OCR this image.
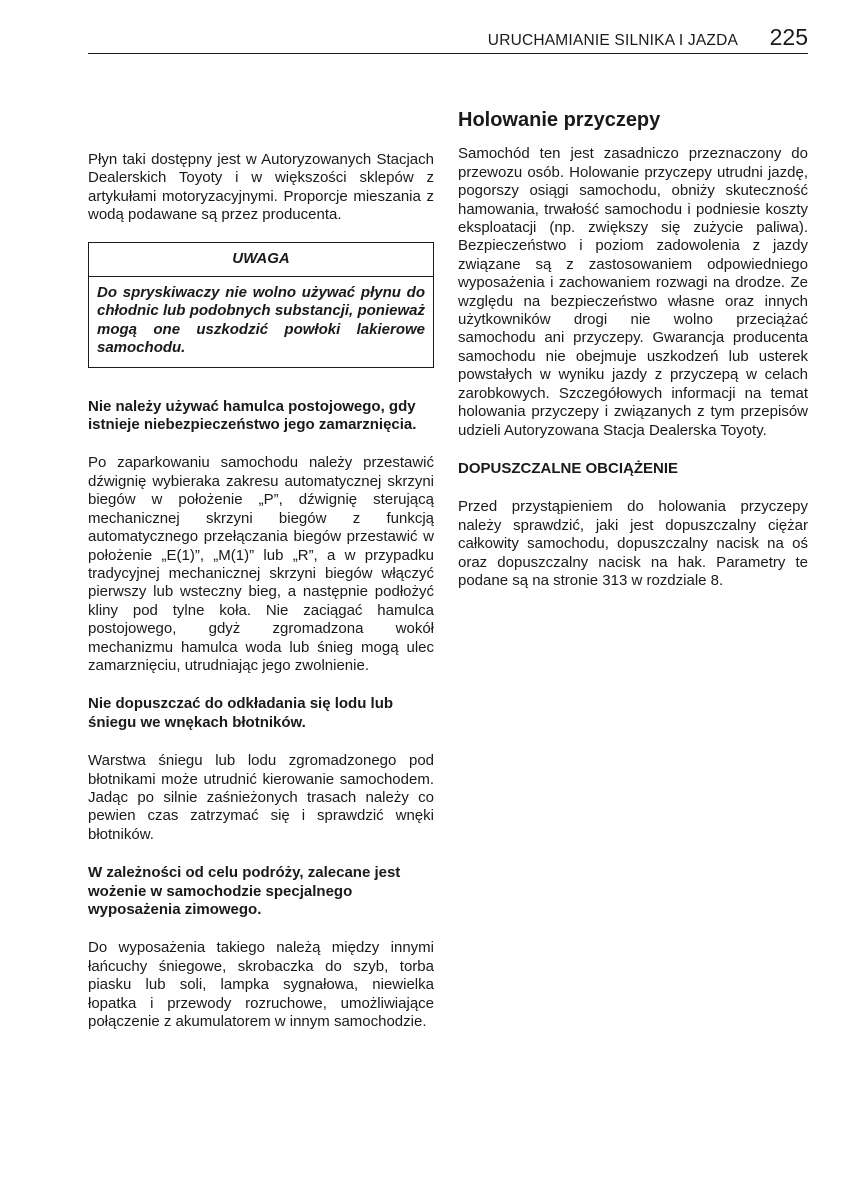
URUCHAMIANIE SILNIKA I JAZDA 225

Płyn taki dostępny jest w Autoryzowanych Stacjach Dealerskich Toyoty i w większości sklepów z artykułami motoryzacyjnymi. Proporcje mieszania z wodą podawane są przez producenta.

UWAGA
Do spryskiwaczy nie wolno używać płynu do chłodnic lub podobnych substancji, ponieważ mogą one uszkodzić powłoki lakierowe samochodu.

Nie należy używać hamulca postojowego, gdy istnieje niebezpieczeństwo jego zamarznięcia.

Po zaparkowaniu samochodu należy przestawić dźwignię wybieraka zakresu automatycznej skrzyni biegów w położenie „P”, dźwignię sterującą mechanicznej skrzyni biegów z funkcją automatycznego przełączania biegów przestawić w położenie „E(1)”, „M(1)” lub „R”, a w przypadku tradycyjnej mechanicznej skrzyni biegów włączyć pierwszy lub wsteczny bieg, a następnie podłożyć kliny pod tylne koła. Nie zaciągać hamulca postojowego, gdyż zgromadzona wokół mechanizmu hamulca woda lub śnieg mogą ulec zamarznięciu, utrudniając jego zwolnienie.

Nie dopuszczać do odkładania się lodu lub śniegu we wnękach błotników.

Warstwa śniegu lub lodu zgromadzonego pod błotnikami może utrudnić kierowanie samochodem. Jadąc po silnie zaśnieżonych trasach należy co pewien czas zatrzymać się i sprawdzić wnęki błotników.

W zależności od celu podróży, zalecane jest wożenie w samochodzie specjalnego wyposażenia zimowego.

Do wyposażenia takiego należą między innymi łańcuchy śniegowe, skrobaczka do szyb, torba piasku lub soli, lampka sygnałowa, niewielka łopatka i przewody rozruchowe, umożliwiające połączenie z akumulatorem w innym samochodzie.

Holowanie przyczepy

Samochód ten jest zasadniczo przeznaczony do przewozu osób. Holowanie przyczepy utrudni jazdę, pogorszy osiągi samochodu, obniży skuteczność hamowania, trwałość samochodu i podniesie koszty eksploatacji (np. zwiększy się zużycie paliwa). Bezpieczeństwo i poziom zadowolenia z jazdy związane są z zastosowaniem odpowiedniego wyposażenia i zachowaniem rozwagi na drodze. Ze względu na bezpieczeństwo własne oraz innych użytkowników drogi nie wolno przeciążać samochodu ani przyczepy. Gwarancja producenta samochodu nie obejmuje uszkodzeń lub usterek powstałych w wyniku jazdy z przyczepą w celach zarobkowych. Szczegółowych informacji na temat holowania przyczepy i związanych z tym przepisów udzieli Autoryzowana Stacja Dealerska Toyoty.

DOPUSZCZALNE OBCIĄŻENIE

Przed przystąpieniem do holowania przyczepy należy sprawdzić, jaki jest dopuszczalny ciężar całkowity samochodu, dopuszczalny nacisk na oś oraz dopuszczalny nacisk na hak. Parametry te podane są na stronie 313 w rozdziale 8.
